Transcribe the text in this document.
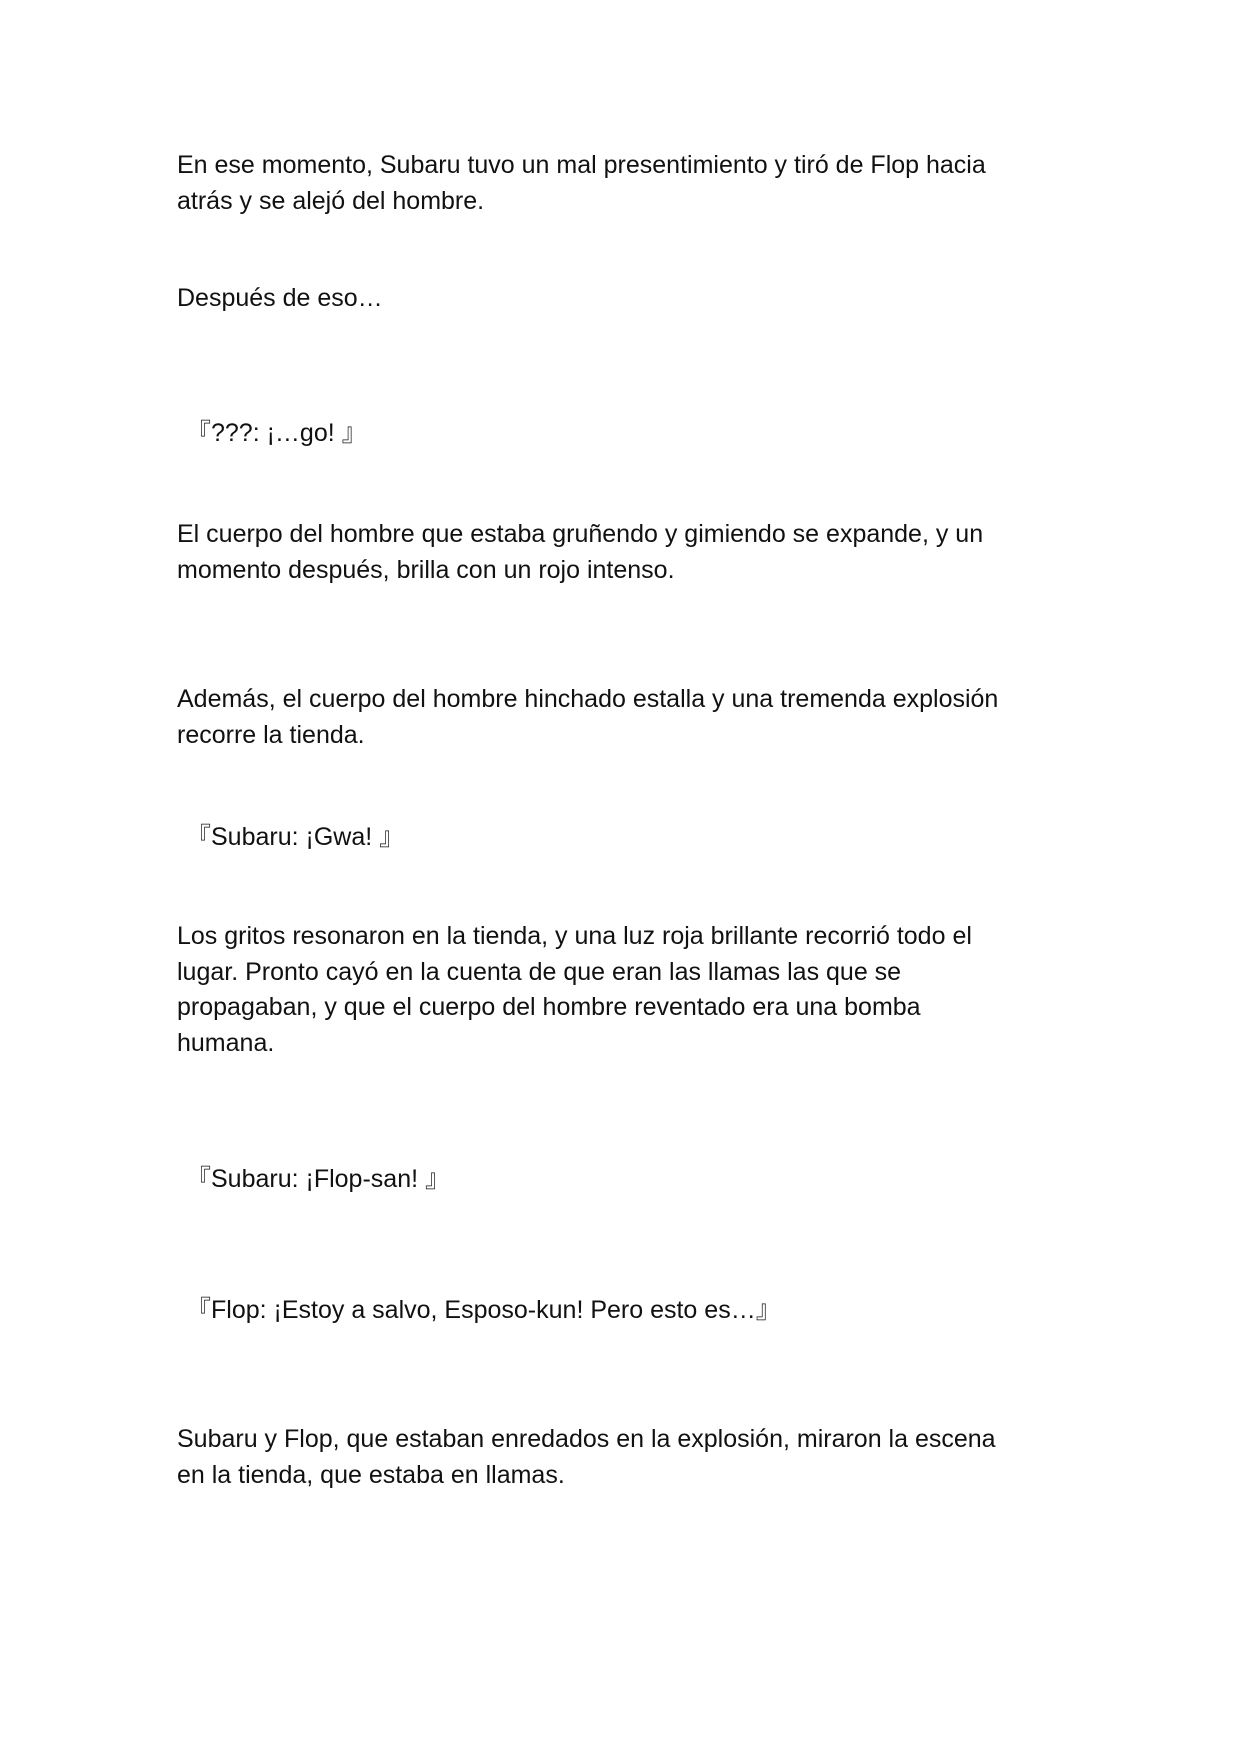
En ese momento, Subaru tuvo un mal presentimiento y tiró de Flop hacia
atrás y se alejó del hombre.

Después de eso…

『???: ¡…go! 』

El cuerpo del hombre que estaba gruñendo y gimiendo se expande, y un
momento después, brilla con un rojo intenso.

Además, el cuerpo del hombre hinchado estalla y una tremenda explosión
recorre la tienda.

『Subaru: ¡Gwa! 』

Los gritos resonaron en la tienda, y una luz roja brillante recorrió todo el
lugar. Pronto cayó en la cuenta de que eran las llamas las que se
propagaban, y que el cuerpo del hombre reventado era una bomba
humana.

『Subaru: ¡Flop-san! 』

『Flop: ¡Estoy a salvo, Esposo-kun! Pero esto es…』

Subaru y Flop, que estaban enredados en la explosión, miraron la escena
en la tienda, que estaba en llamas.
